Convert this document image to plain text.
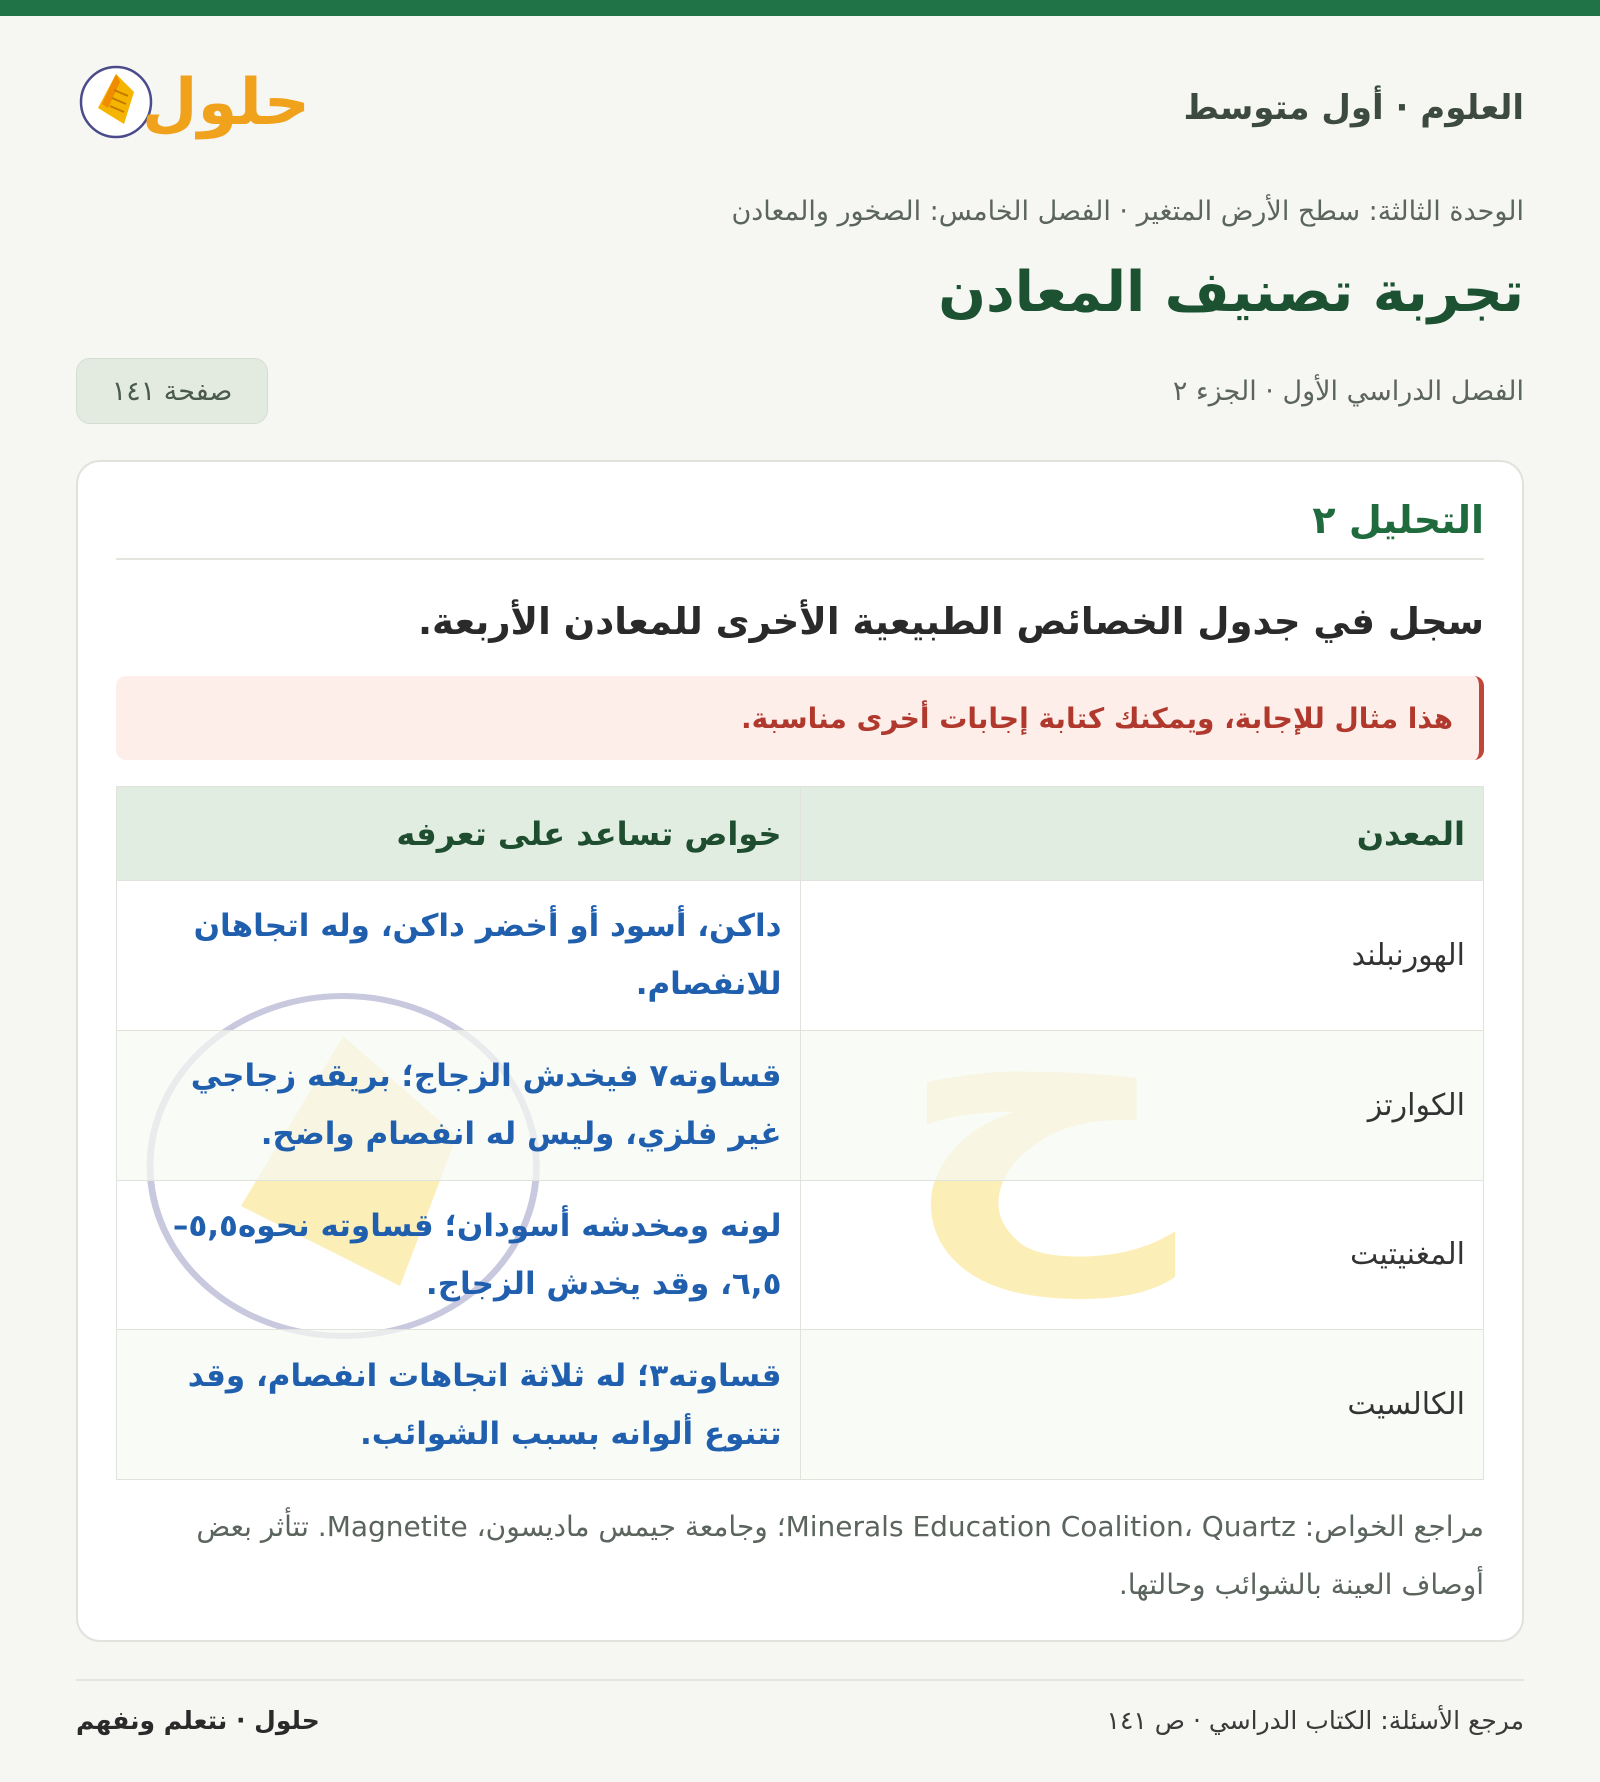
العلوم · أول متوسط
حلول
الوحدة الثالثة: سطح الأرض المتغير · الفصل الخامس: الصخور والمعادن
تجربة تصنيف المعادن
الفصل الدراسي الأول · الجزء ٢
صفحة ١٤١
التحليل ٢
سجل في جدول الخصائص الطبيعية الأخرى للمعادن الأربعة.
هذا مثال للإجابة، ويمكنك كتابة إجابات أخرى مناسبة.
المعدن	خواص تساعد على تعرفه
الهورنبلند	داكن، أسود أو أخضر داكن، وله اتجاهان للانفصام.
الكوارتز	قساوته٧ فيخدش الزجاج؛ بريقه زجاجي غير فلزي، وليس له انفصام واضح.
المغنيتيت	لونه ومخدشه أسودان؛ قساوته نحوه٥,٥–٦,٥، وقد يخدش الزجاج.
الكالسيت	قساوته٣؛ له ثلاثة اتجاهات انفصام، وقد تتنوع ألوانه بسبب الشوائب.

مراجع الخواص: Minerals Education Coalition، Quartz؛ وجامعة جيمس ماديسون، Magnetite. تتأثر بعض أوصاف العينة بالشوائب وحالتها.

مرجع الأسئلة: الكتاب الدراسي · ص ١٤١
حلول · نتعلم ونفهم
